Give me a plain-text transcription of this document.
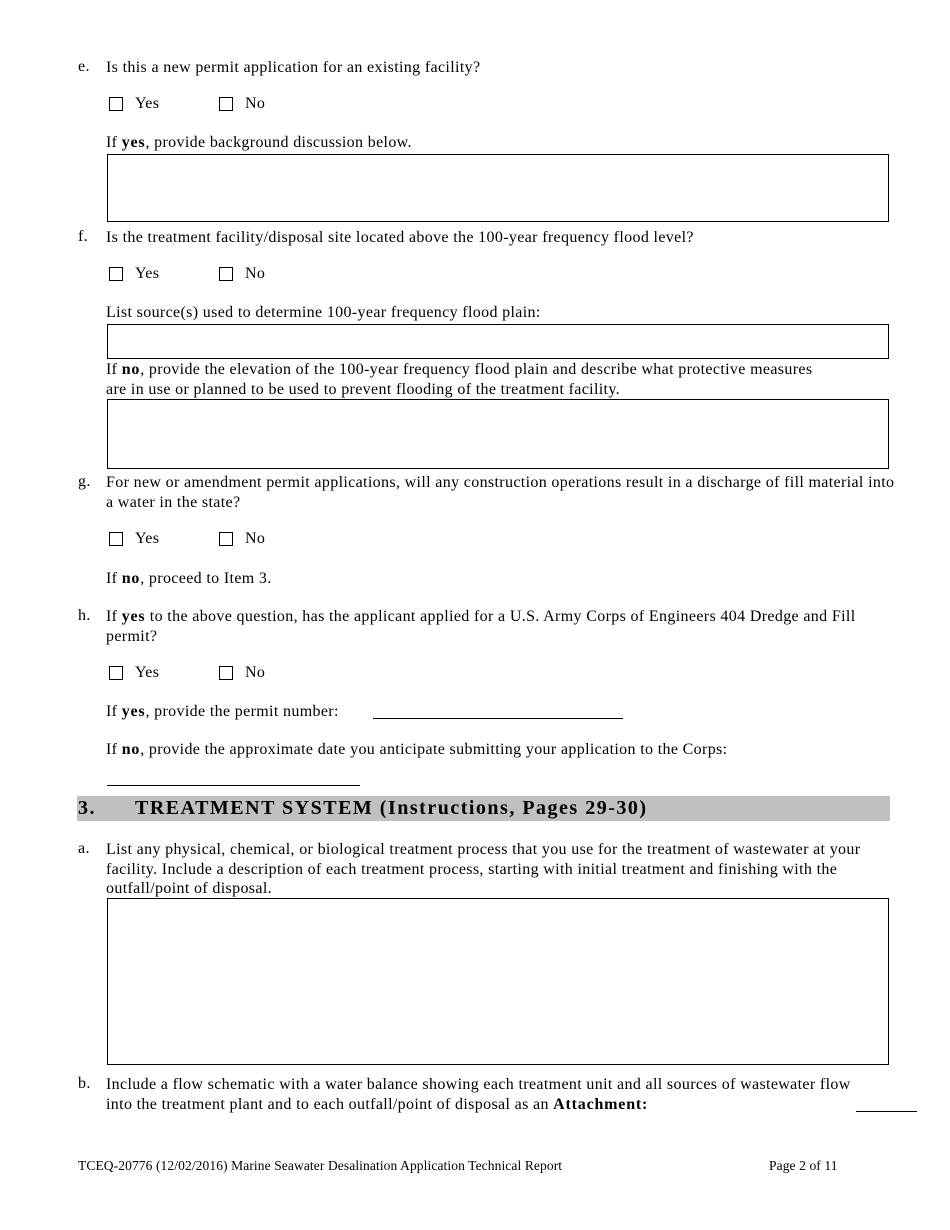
e. Is this a new permit application for an existing facility?
Yes	No
If yes, provide background discussion below.
f. Is the treatment facility/disposal site located above the 100-year frequency flood level?
Yes	No
List source(s) used to determine 100-year frequency flood plain:
If no, provide the elevation of the 100-year frequency flood plain and describe what protective measures are in use or planned to be used to prevent flooding of the treatment facility.
g. For new or amendment permit applications, will any construction operations result in a discharge of fill material into a water in the state?
Yes	No
If no, proceed to Item 3.
h. If yes to the above question, has the applicant applied for a U.S. Army Corps of Engineers 404 Dredge and Fill permit?
Yes	No
If yes, provide the permit number:
If no, provide the approximate date you anticipate submitting your application to the Corps:
3. TREATMENT SYSTEM (Instructions, Pages 29-30)
a. List any physical, chemical, or biological treatment process that you use for the treatment of wastewater at your facility. Include a description of each treatment process, starting with initial treatment and finishing with the outfall/point of disposal.
b. Include a flow schematic with a water balance showing each treatment unit and all sources of wastewater flow into the treatment plant and to each outfall/point of disposal as an Attachment:
TCEQ-20776 (12/02/2016) Marine Seawater Desalination Application Technical Report	Page 2 of 11
